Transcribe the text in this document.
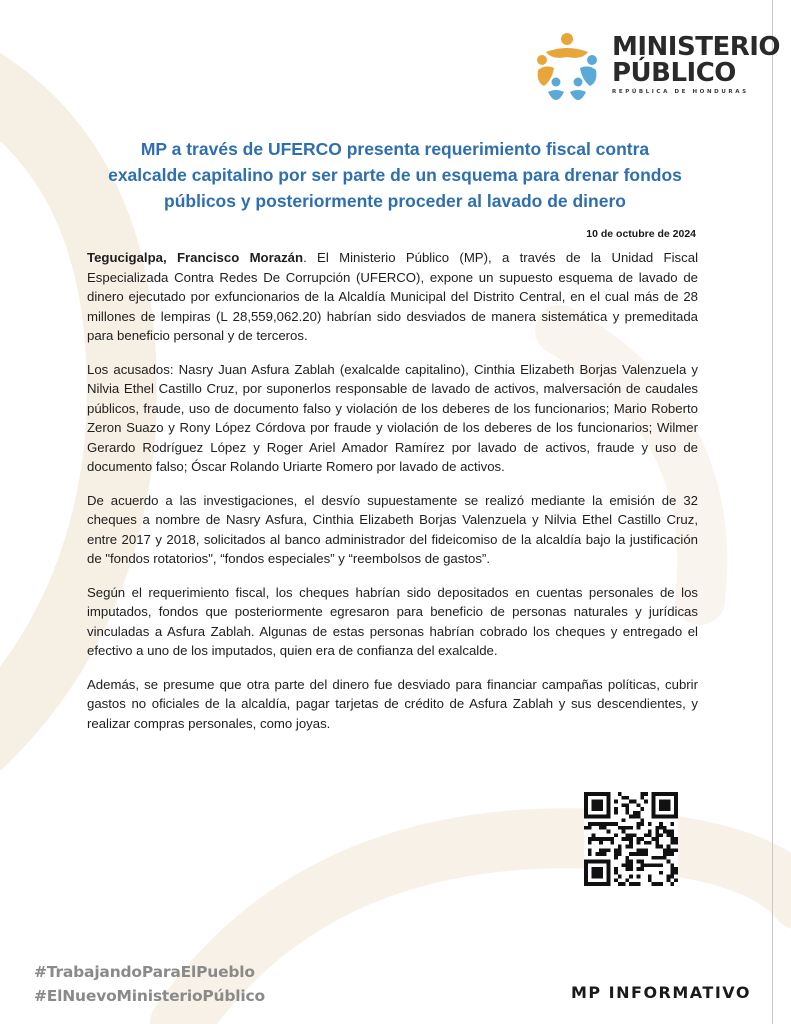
MINISTERIO
PÚBLICO
REPÚBLICA DE HONDURAS
MP a través de UFERCO presenta requerimiento fiscal contra exalcalde capitalino por ser parte de un esquema para drenar fondos públicos y posteriormente proceder al lavado de dinero
10 de octubre de 2024

Tegucigalpa, Francisco Morazán. El Ministerio Público (MP), a través de la Unidad Fiscal Especializada Contra Redes De Corrupción (UFERCO), expone un supuesto esquema de lavado de dinero ejecutado por exfuncionarios de la Alcaldía Municipal del Distrito Central, en el cual más de 28 millones de lempiras (L 28,559,062.20) habrían sido desviados de manera sistemática y premeditada para beneficio personal y de terceros.

Los acusados: Nasry Juan Asfura Zablah (exalcalde capitalino), Cinthia Elizabeth Borjas Valenzuela y Nilvia Ethel Castillo Cruz, por suponerlos responsable de lavado de activos, malversación de caudales públicos, fraude, uso de documento falso y violación de los deberes de los funcionarios; Mario Roberto Zeron Suazo y Rony López Córdova por fraude y violación de los deberes de los funcionarios; Wilmer Gerardo Rodríguez López y Roger Ariel Amador Ramírez por lavado de activos, fraude y uso de documento falso; Óscar Rolando Uriarte Romero por lavado de activos.

De acuerdo a las investigaciones, el desvío supuestamente se realizó mediante la emisión de 32 cheques a nombre de Nasry Asfura, Cinthia Elizabeth Borjas Valenzuela y Nilvia Ethel Castillo Cruz, entre 2017 y 2018, solicitados al banco administrador del fideicomiso de la alcaldía bajo la justificación de "fondos rotatorios", “fondos especiales” y “reembolsos de gastos”.

Según el requerimiento fiscal, los cheques habrían sido depositados en cuentas personales de los imputados, fondos que posteriormente egresaron para beneficio de personas naturales y jurídicas vinculadas a Asfura Zablah. Algunas de estas personas habrían cobrado los cheques y entregado el efectivo a uno de los imputados, quien era de confianza del exalcalde.

Además, se presume que otra parte del dinero fue desviado para financiar campañas políticas, cubrir gastos no oficiales de la alcaldía, pagar tarjetas de crédito de Asfura Zablah y sus descendientes, y realizar compras personales, como joyas.

#TrabajandoParaElPueblo
#ElNuevoMinisterioPúblico	MP INFORMATIVO
